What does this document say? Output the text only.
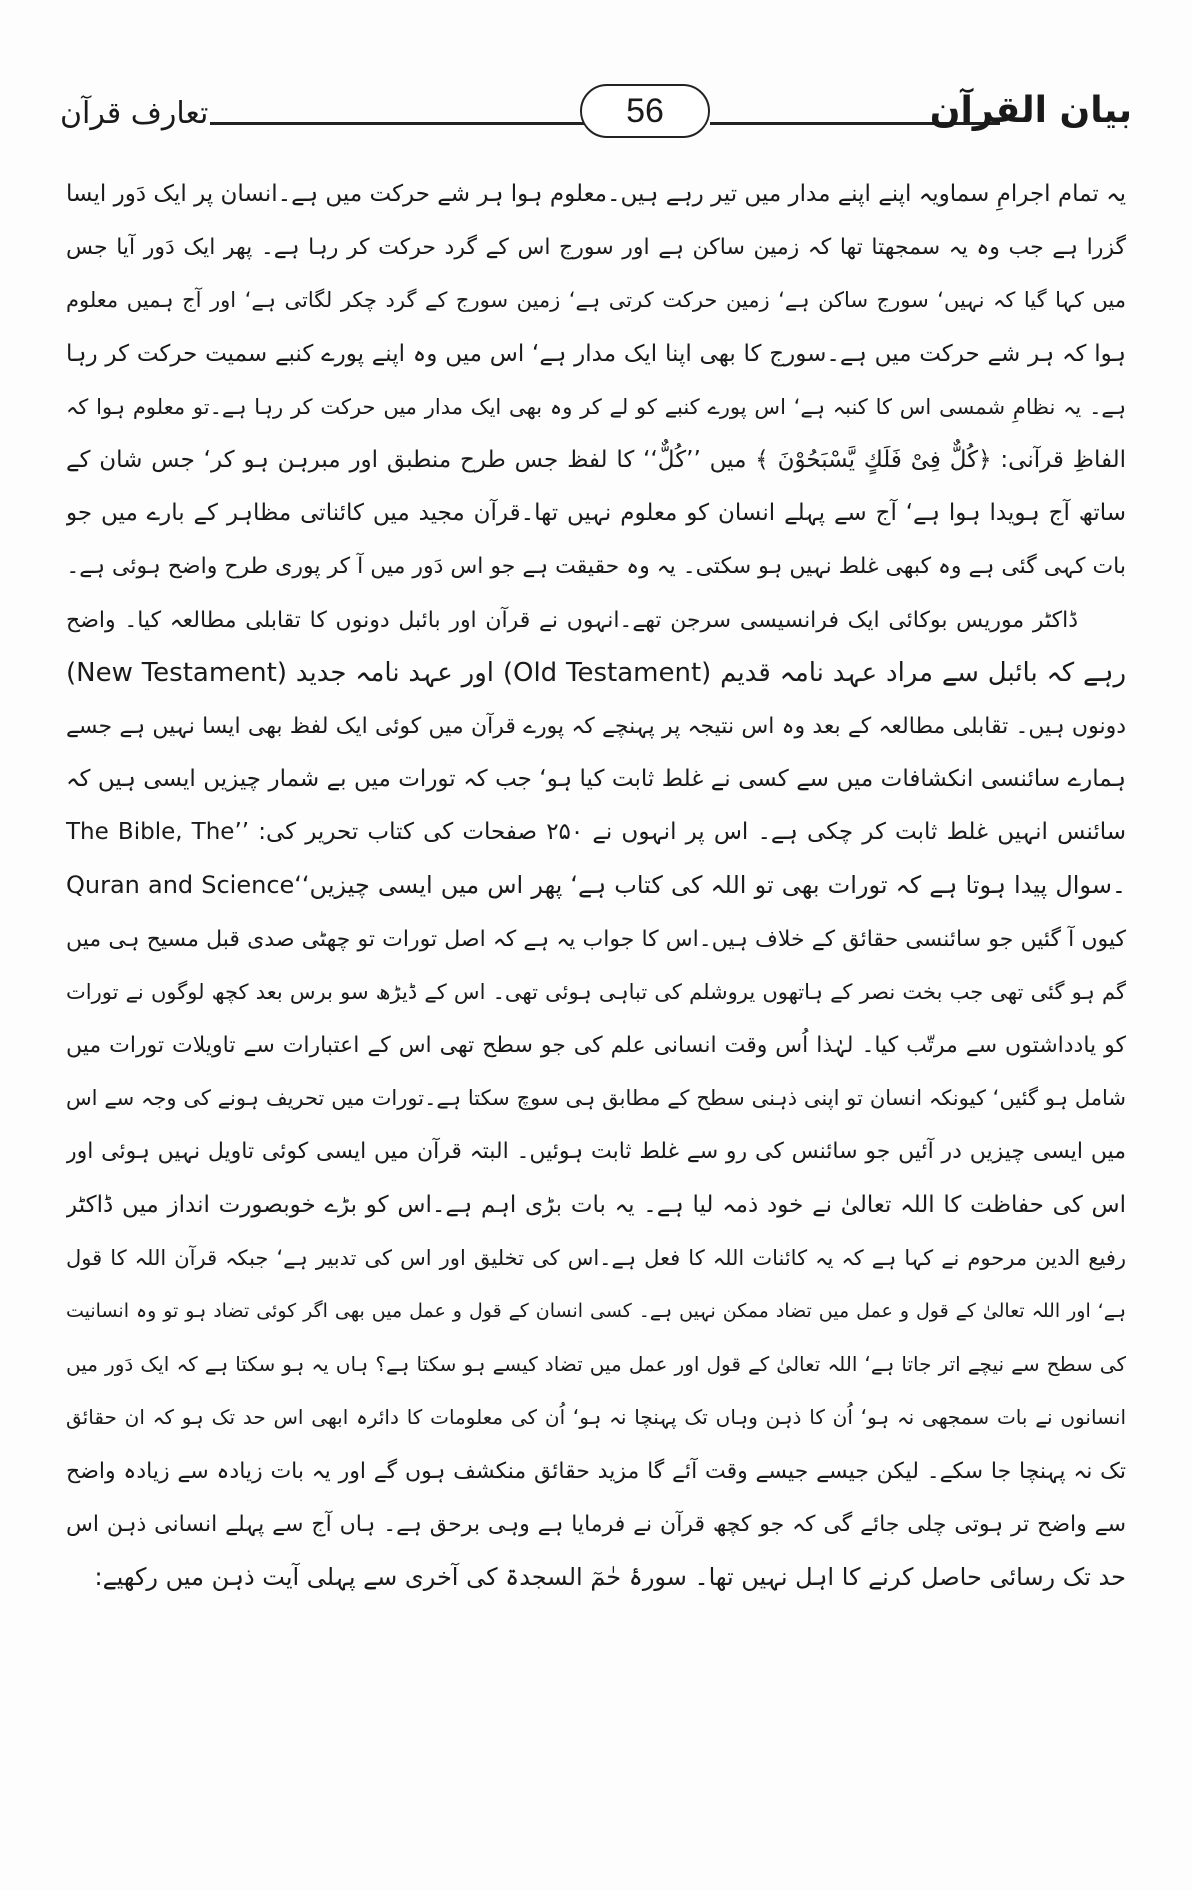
تعارف قرآن	56	بیان القرآن

یہ تمام اجرامِ سماویہ اپنے اپنے مدار میں تیر رہے ہیں۔معلوم ہوا ہر شے حرکت میں ہے۔انسان پر ایک دَور ایسا
گزرا ہے جب وہ یہ سمجھتا تھا کہ زمین ساکن ہے اور سورج اس کے گرد حرکت کر رہا ہے۔ پھر ایک دَور آیا جس
میں کہا گیا کہ نہیں‘ سورج ساکن ہے‘ زمین حرکت کرتی ہے‘ زمین سورج کے گرد چکر لگاتی ہے‘ اور آج ہمیں معلوم
ہوا کہ ہر شے حرکت میں ہے۔سورج کا بھی اپنا ایک مدار ہے‘ اس میں وہ اپنے پورے کنبے سمیت حرکت کر رہا
ہے۔ یہ نظامِ شمسی اس کا کنبہ ہے‘ اس پورے کنبے کو لے کر وہ بھی ایک مدار میں حرکت کر رہا ہے۔تو معلوم ہوا کہ
الفاظِ قرآنی: ﴿كُلٌّ فِیْ فَلَكٍ یَّسْبَحُوْنَ ﴾ میں ’’كُلٌّ‘‘ کا لفظ جس طرح منطبق اور مبرہن ہو کر‘ جس شان کے
ساتھ آج ہویدا ہوا ہے‘ آج سے پہلے انسان کو معلوم نہیں تھا۔قرآن مجید میں کائناتی مظاہر کے بارے میں جو
بات کہی گئی ہے وہ کبھی غلط نہیں ہو سکتی۔ یہ وہ حقیقت ہے جو اس دَور میں آ کر پوری طرح واضح ہوئی ہے۔

ڈاکٹر موریس بوکائی ایک فرانسیسی سرجن تھے۔انہوں نے قرآن اور بائبل دونوں کا تقابلی مطالعہ کیا۔ واضح
رہے کہ بائبل سے مراد عہد نامہ قدیم (Old Testament) اور عہد نامہ جدید (New Testament)
دونوں ہیں۔ تقابلی مطالعہ کے بعد وہ اس نتیجہ پر پہنچے کہ پورے قرآن میں کوئی ایک لفظ بھی ایسا نہیں ہے جسے
ہمارے سائنسی انکشافات میں سے کسی نے غلط ثابت کیا ہو‘ جب کہ تورات میں بے شمار چیزیں ایسی ہیں کہ
سائنس انہیں غلط ثابت کر چکی ہے۔ اس پر انہوں نے ۲۵۰ صفحات کی کتاب تحریر کی: ’’The Bible, The
Quran and Science‘‘۔سوال پیدا ہوتا ہے کہ تورات بھی تو اللہ کی کتاب ہے‘ پھر اس میں ایسی چیزیں
کیوں آ گئیں جو سائنسی حقائق کے خلاف ہیں۔اس کا جواب یہ ہے کہ اصل تورات تو چھٹی صدی قبل مسیح ہی میں
گم ہو گئی تھی جب بخت نصر کے ہاتھوں یروشلم کی تباہی ہوئی تھی۔ اس کے ڈیڑھ سو برس بعد کچھ لوگوں نے تورات
کو یادداشتوں سے مرتّب کیا۔ لہٰذا اُس وقت انسانی علم کی جو سطح تھی اس کے اعتبارات سے تاویلات تورات میں
شامل ہو گئیں‘ کیونکہ انسان تو اپنی ذہنی سطح کے مطابق ہی سوچ سکتا ہے۔تورات میں تحریف ہونے کی وجہ سے اس
میں ایسی چیزیں در آئیں جو سائنس کی رو سے غلط ثابت ہوئیں۔ البتہ قرآن میں ایسی کوئی تاویل نہیں ہوئی اور
اس کی حفاظت کا اللہ تعالیٰ نے خود ذمہ لیا ہے۔ یہ بات بڑی اہم ہے۔اس کو بڑے خوبصورت انداز میں ڈاکٹر
رفیع الدین مرحوم نے کہا ہے کہ یہ کائنات اللہ کا فعل ہے۔اس کی تخلیق اور اس کی تدبیر ہے‘ جبکہ قرآن اللہ کا قول
ہے‘ اور اللہ تعالیٰ کے قول و عمل میں تضاد ممکن نہیں ہے۔ کسی انسان کے قول و عمل میں بھی اگر کوئی تضاد ہو تو وہ انسانیت
کی سطح سے نیچے اتر جاتا ہے‘ اللہ تعالیٰ کے قول اور عمل میں تضاد کیسے ہو سکتا ہے؟ ہاں یہ ہو سکتا ہے کہ ایک دَور میں
انسانوں نے بات سمجھی نہ ہو‘ اُن کا ذہن وہاں تک پہنچا نہ ہو‘ اُن کی معلومات کا دائرہ ابھی اس حد تک ہو کہ ان حقائق
تک نہ پہنچا جا سکے۔ لیکن جیسے جیسے وقت آئے گا مزید حقائق منکشف ہوں گے اور یہ بات زیادہ سے زیادہ واضح
سے واضح تر ہوتی چلی جائے گی کہ جو کچھ قرآن نے فرمایا ہے وہی برحق ہے۔ ہاں آج سے پہلے انسانی ذہن اس
حد تک رسائی حاصل کرنے کا اہل نہیں تھا۔ سورۂ حٰمٓ السجدۃ کی آخری سے پہلی آیت ذہن میں رکھیے:
